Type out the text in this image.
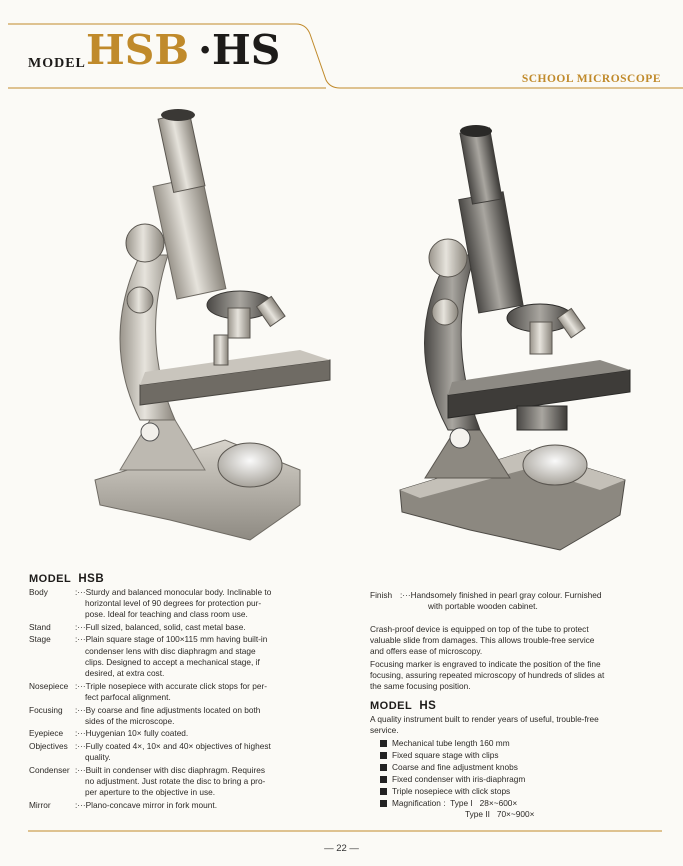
MODEL HSB · HS
SCHOOL MICROSCOPE
MODEL HSB
Body	:···Sturdy and balanced monocular body. Inclinable to
horizontal level of 90 degrees for protection pur-
pose. Ideal for teaching and class room use.
Stand	:···Full sized, balanced, solid, cast metal base.
Stage	:···Plain square stage of 100×115 mm having built-in
condenser lens with disc diaphragm and stage
clips. Designed to accept a mechanical stage, if
desired, at extra cost.
Nosepiece :···Triple nosepiece with accurate click stops for per-
fect parfocal alignment.
Focusing :···By coarse and fine adjustments located on both
sides of the microscope.
Eyepiece :···Huygenian 10× fully coated.
Objectives :···Fully coated 4×, 10× and 40× objectives of highest
quality.
Condenser :···Built in condenser with disc diaphragm. Requires
no adjustment. Just rotate the disc to bring a pro-
per aperture to the objective in use.
Mirror	:···Plano-concave mirror in fork mount.
Finish :···Handsomely finished in pearl gray colour. Furnished
with portable wooden cabinet.
Crash-proof device is equipped on top of the tube to protect
valuable slide from damages. This allows trouble-free service
and offers ease of microscopy.
Focusing marker is engraved to indicate the position of the fine
focusing, assuring repeated microscopy of hundreds of slides at
the same focusing position.
MODEL HS
A quality instrument built to render years of useful, trouble-free
service.
Mechanical tube length 160 mm
Fixed square stage with clips
Coarse and fine adjustment knobs
Fixed condenser with iris-diaphragm
Triple nosepiece with click stops
Magnification : Type I 28×~600×
Type II 70×~900×
— 22 —
